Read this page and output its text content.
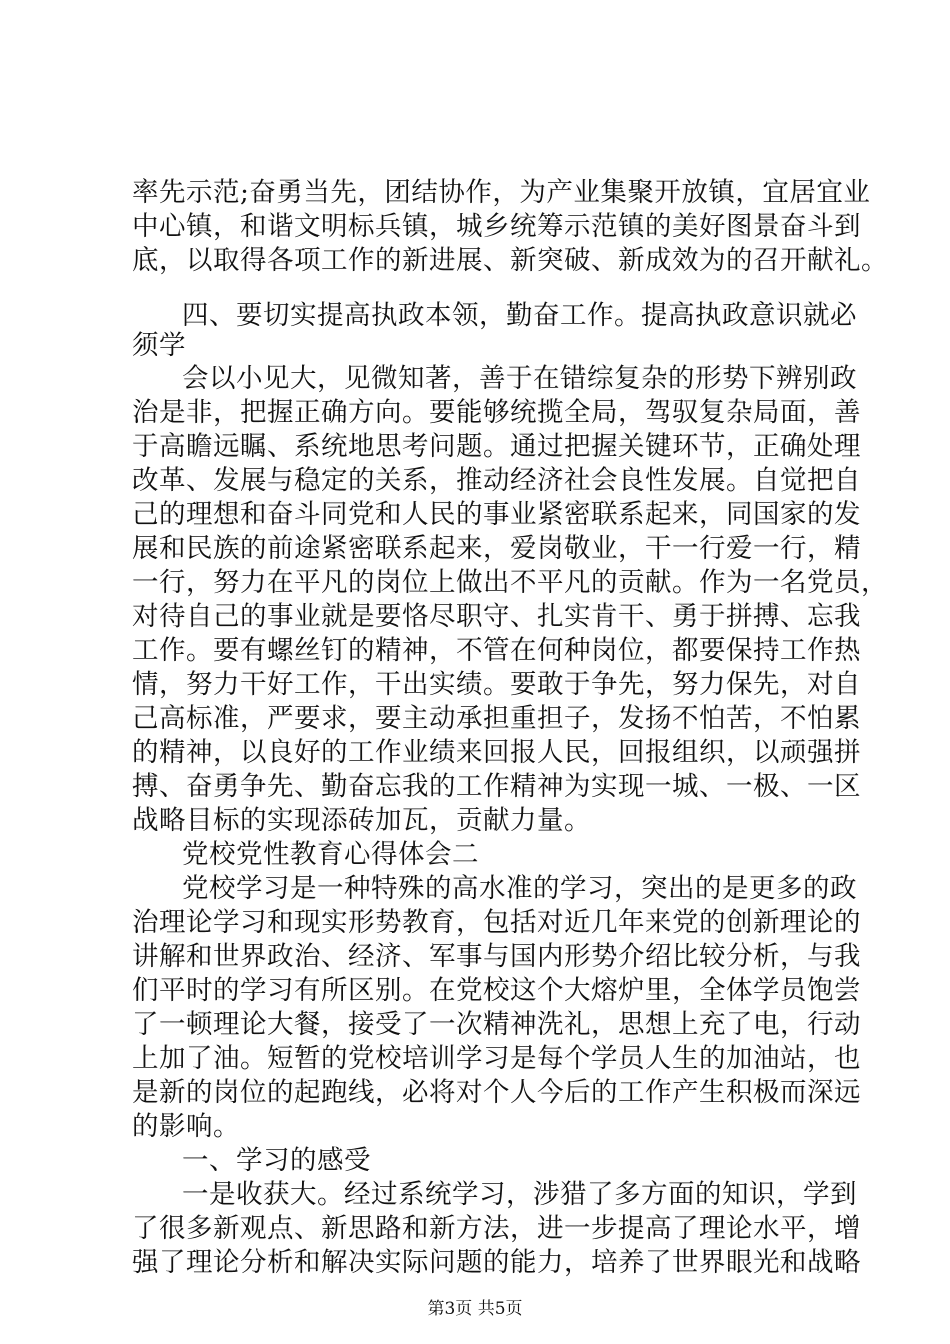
率先示范;奋勇当先，团结协作，为产业集聚开放镇，宜居宜业
中心镇，和谐文明标兵镇，城乡统筹示范镇的美好图景奋斗到
底，以取得各项工作的新进展、新突破、新成效为的召开献礼。
四、要切实提高执政本领，勤奋工作。提高执政意识就必
须学
会以小见大，见微知著，善于在错综复杂的形势下辨别政
治是非，把握正确方向。要能够统揽全局，驾驭复杂局面，善
于高瞻远瞩、系统地思考问题。通过把握关键环节，正确处理
改革、发展与稳定的关系，推动经济社会良性发展。自觉把自
己的理想和奋斗同党和人民的事业紧密联系起来，同国家的发
展和民族的前途紧密联系起来，爱岗敬业，干一行爱一行，精
一行，努力在平凡的岗位上做出不平凡的贡献。作为一名党员，
对待自己的事业就是要恪尽职守、扎实肯干、勇于拼搏、忘我
工作。要有螺丝钉的精神，不管在何种岗位，都要保持工作热
情，努力干好工作，干出实绩。要敢于争先，努力保先，对自
己高标准，严要求，要主动承担重担子，发扬不怕苦，不怕累
的精神，以良好的工作业绩来回报人民，回报组织，以顽强拼
搏、奋勇争先、勤奋忘我的工作精神为实现一城、一极、一区
战略目标的实现添砖加瓦，贡献力量。
党校党性教育心得体会二
党校学习是一种特殊的高水准的学习，突出的是更多的政
治理论学习和现实形势教育，包括对近几年来党的创新理论的
讲解和世界政治、经济、军事与国内形势介绍比较分析，与我
们平时的学习有所区别。在党校这个大熔炉里，全体学员饱尝
了一顿理论大餐，接受了一次精神洗礼，思想上充了电，行动
上加了油。短暂的党校培训学习是每个学员人生的加油站，也
是新的岗位的起跑线，必将对个人今后的工作产生积极而深远
的影响。
一、学习的感受
一是收获大。经过系统学习，涉猎了多方面的知识，学到
了很多新观点、新思路和新方法，进一步提高了理论水平，增
强了理论分析和解决实际问题的能力，培养了世界眼光和战略
第3页 共5页
